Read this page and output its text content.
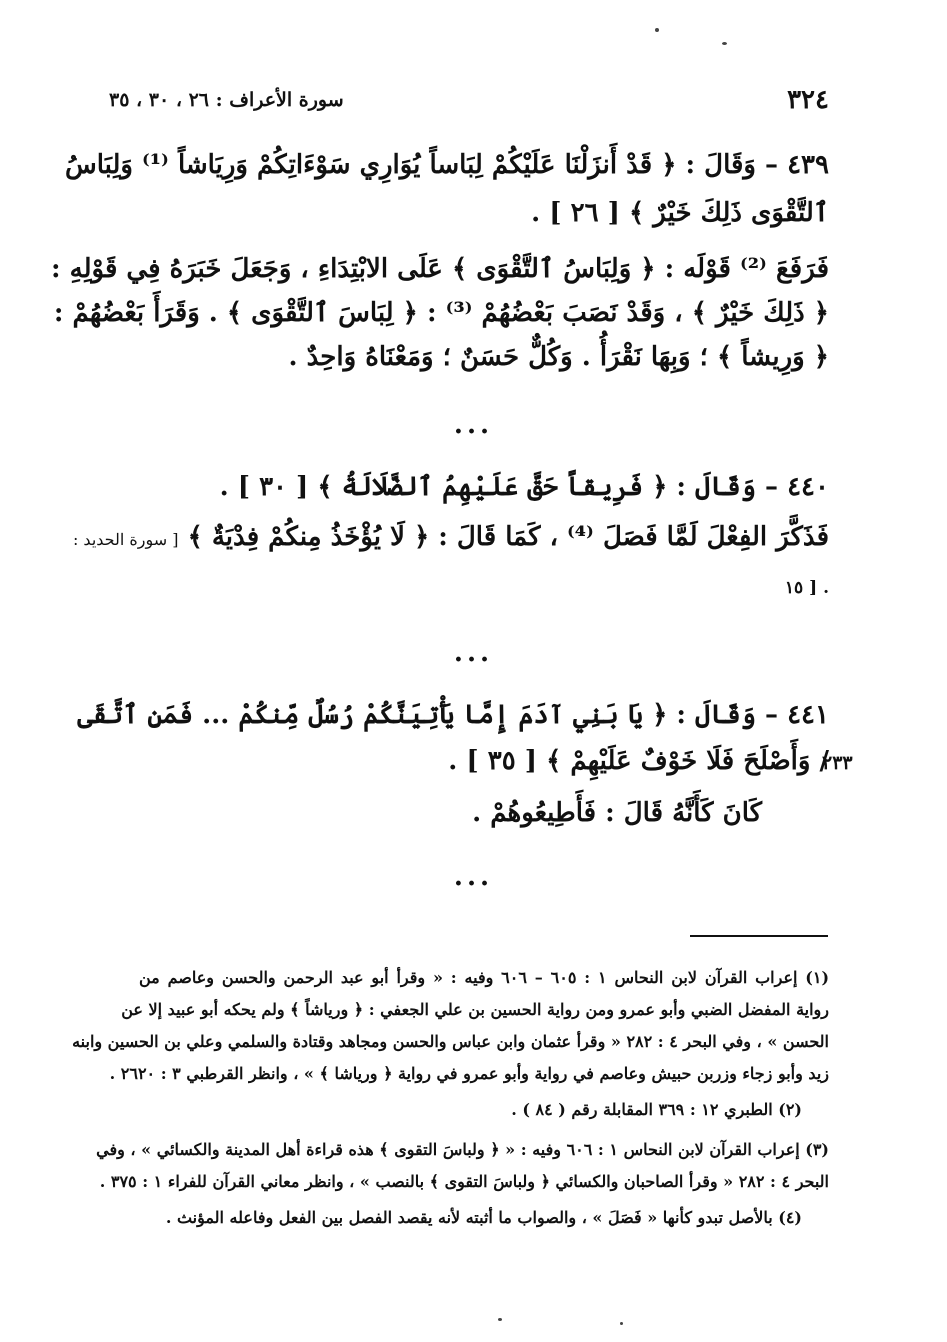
٣٢٤
سورة الأعراف : ٢٦ ، ٣٠ ، ٣٥
٤٣٩ – وَقَالَ : ﴿ قَدْ أَنزَلْنَا عَلَيْكُمْ لِبَاساً يُوَارِي سَوْءَاتِكُمْ وَرِيَاشاً ⁽¹⁾ وَلِبَاسُ
ٱلتَّقْوَى ذَلِكَ خَيْرٌ ﴾ [ ٢٦ ] .
فَرَفَعَ ⁽²⁾ قَوْلَه : ﴿ وَلِبَاسُ ٱلتَّقْوَى ﴾ عَلَى الابْتِدَاءِ ، وَجَعَلَ خَبَرَهُ فِي قَوْلِهِ :
﴿ ذَلِكَ خَيْرٌ ﴾ ، وَقَدْ نَصَبَ بَعْضُهُمْ ⁽³⁾ : ﴿ لِبَاسَ ٱلتَّقْوَى ﴾ . وَقَرَأَ بَعْضُهُمْ :
﴿ وَرِيشاً ﴾ ؛ وَبِهَا نَقْرَأُ . وَكُلٌّ حَسَنٌ ؛ وَمَعْنَاهُ وَاحِدٌ .
...
٤٤٠ – وَقَالَ : ﴿ فَرِيقاً حَقَّ عَلَيْهِمُ ٱلضَّلَالَةُ ﴾ [ ٣٠ ] .
فَذَكَّرَ الفِعْلَ لَمَّا فَصَلَ ⁽⁴⁾ ، كَمَا قَالَ : ﴿ لَا يُؤْخَذُ مِنكُمْ فِدْيَةٌ ﴾ [ سورة الحديد :
١٥ ] .
...
٤٤١ – وَقَالَ : ﴿ يَا بَنِي آدَمَ إِمَّا يَأْتِيَنَّكُمْ رُسُلٌ مِّنكُمْ ... فَمَنِ ٱتَّقَى
/ وَأَصْلَحَ فَلَا خَوْفٌ عَلَيْهِمْ ﴾ [ ٣٥ ] .
٢٣٣
كَانَ كَأَنَّهُ قَالَ : فَأَطِيعُوهُمْ .
...
(١) إعراب القرآن لابن النحاس ١ : ٦٠٥ – ٦٠٦ وفيه : « وقرأ أبو عبد الرحمن والحسن وعاصم من
رواية المفضل الضبي وأبو عمرو ومن رواية الحسين بن علي الجعفي : ﴿ ورياشاً ﴾ ولم يحكه أبو عبيد إلا عن
الحسن » ، وفي البحر ٤ : ٢٨٢ « وقرأ عثمان وابن عباس والحسن ومجاهد وقتادة والسلمي وعلي بن الحسين وابنه
زيد وأبو زجاء وزربن حبيش وعاصم في رواية وأبو عمرو في رواية ﴿ ورياشا ﴾ » ، وانظر القرطبي ٣ : ٢٦٢٠ .
(٢) الطبري ١٢ : ٣٦٩ المقابلة رقم ( ٨٤ ) .
(٣) إعراب القرآن لابن النحاس ١ : ٦٠٦ وفيه : « ﴿ ولباسَ التقوى ﴾ هذه قراءة أهل المدينة والكسائي » ، وفي
البحر ٤ : ٢٨٢ « وقرأ الصاحبان والكسائي ﴿ ولباسَ التقوى ﴾ بالنصب » ، وانظر معاني القرآن للفراء ١ : ٣٧٥ .
(٤) بالأصل تبدو كأنها « فَصَلَ » ، والصواب ما أثبته لأنه يقصد الفصل بين الفعل وفاعله المؤنث .
